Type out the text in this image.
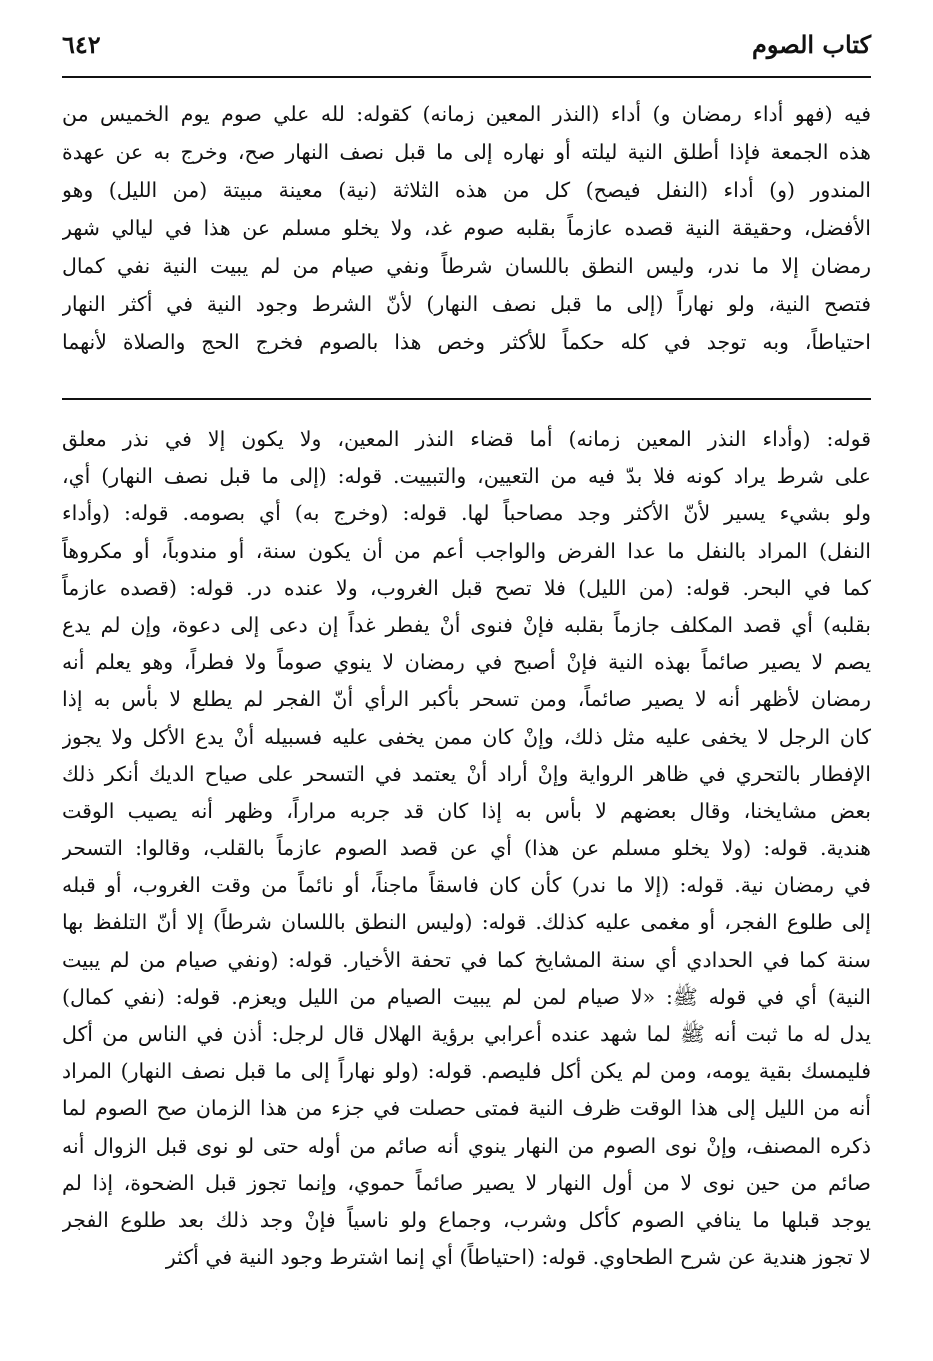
كتاب الصوم
٦٤٢
فيه (فهو أداء رمضان و) أداء (النذر المعين زمانه) كقوله: لله علي صوم يوم الخميس من
هذه الجمعة فإذا أطلق النية ليلته أو نهاره إلى ما قبل نصف النهار صح، وخرج به عن عهدة
المندور (و) أداء (النفل فيصح) كل من هذه الثلاثة (نية) معينة مبيتة (من الليل) وهو
الأفضل، وحقيقة النية قصده عازماً بقلبه صوم غد، ولا يخلو مسلم عن هذا في ليالي شهر
رمضان إلا ما ندر، وليس النطق باللسان شرطاً ونفي صيام من لم يبيت النية نفي كمال
فتصح النية، ولو نهاراً (إلى ما قبل نصف النهار) لأنّ الشرط وجود النية في أكثر النهار
احتياطاً، وبه توجد في كله حكماً للأكثر وخص هذا بالصوم فخرج الحج والصلاة لأنهما
قوله: (وأداء النذر المعين زمانه) أما قضاء النذر المعين، ولا يكون إلا في نذر معلق
على شرط يراد كونه فلا بدّ فيه من التعيين، والتبييت. قوله: (إلى ما قبل نصف النهار) أي،
ولو بشيء يسير لأنّ الأكثر وجد مصاحباً لها. قوله: (وخرج به) أي بصومه. قوله: (وأداء
النفل) المراد بالنفل ما عدا الفرض والواجب أعم من أن يكون سنة، أو مندوباً، أو مكروهاً
كما في البحر. قوله: (من الليل) فلا تصح قبل الغروب، ولا عنده در. قوله: (قصده عازماً
بقلبه) أي قصد المكلف جازماً بقلبه فإنْ فنوى أنْ يفطر غداً إن دعى إلى دعوة، وإن لم يدع
يصم لا يصير صائماً بهذه النية فإنْ أصبح في رمضان لا ينوي صوماً ولا فطراً، وهو يعلم أنه
رمضان لأظهر أنه لا يصير صائماً، ومن تسحر بأكبر الرأي أنّ الفجر لم يطلع لا بأس به إذا
كان الرجل لا يخفى عليه مثل ذلك، وإنْ كان ممن يخفى عليه فسبيله أنْ يدع الأكل ولا يجوز
الإفطار بالتحري في ظاهر الرواية وإنْ أراد أنْ يعتمد في التسحر على صياح الديك أنكر ذلك
بعض مشايخنا، وقال بعضهم لا بأس به إذا كان قد جربه مراراً، وظهر أنه يصيب الوقت
هندية. قوله: (ولا يخلو مسلم عن هذا) أي عن قصد الصوم عازماً بالقلب، وقالوا: التسحر
في رمضان نية. قوله: (إلا ما ندر) كأن كان فاسقاً ماجناً، أو نائماً من وقت الغروب، أو قبله
إلى طلوع الفجر، أو مغمى عليه كذلك. قوله: (وليس النطق باللسان شرطاً) إلا أنّ التلفظ بها
سنة كما في الحدادي أي سنة المشايخ كما في تحفة الأخيار. قوله: (ونفي صيام من لم يبيت
النية) أي في قوله ﷺ: «لا صيام لمن لم يبيت الصيام من الليل ويعزم. قوله: (نفي كمال)
يدل له ما ثبت أنه ﷺ لما شهد عنده أعرابي برؤية الهلال قال لرجل: أذن في الناس من أكل
فليمسك بقية يومه، ومن لم يكن أكل فليصم. قوله: (ولو نهاراً إلى ما قبل نصف النهار) المراد
أنه من الليل إلى هذا الوقت ظرف النية فمتى حصلت في جزء من هذا الزمان صح الصوم لما
ذكره المصنف، وإنْ نوى الصوم من النهار ينوي أنه صائم من أوله حتى لو نوى قبل الزوال أنه
صائم من حين نوى لا من أول النهار لا يصير صائماً حموي، وإنما تجوز قبل الضحوة، إذا لم
يوجد قبلها ما ينافي الصوم كأكل وشرب، وجماع ولو ناسياً فإنْ وجد ذلك بعد طلوع الفجر
لا تجوز هندية عن شرح الطحاوي. قوله: (احتياطاً) أي إنما اشترط وجود النية في أكثر
